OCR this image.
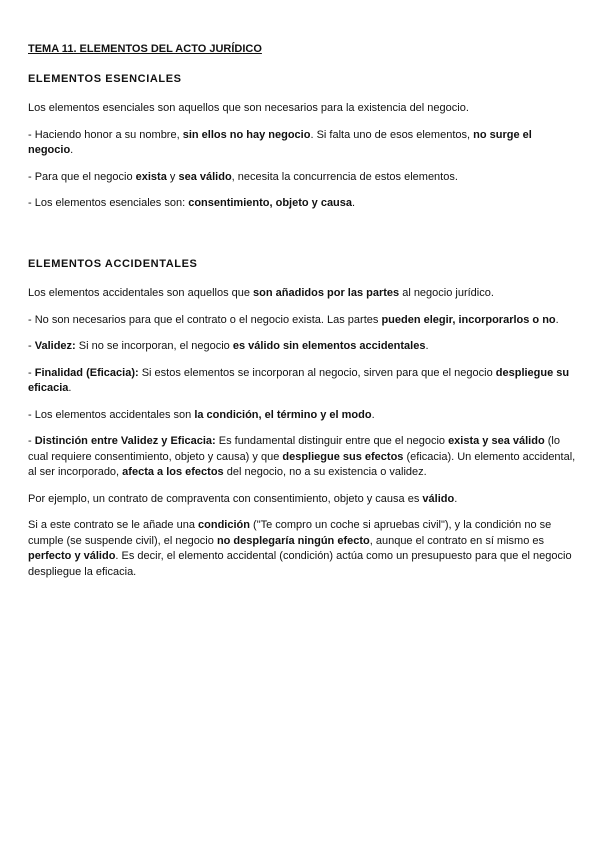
TEMA 11. ELEMENTOS DEL ACTO JURÍDICO
ELEMENTOS ESENCIALES

Los elementos esenciales son aquellos que son necesarios para la existencia del negocio.

- Haciendo honor a su nombre, sin ellos no hay negocio. Si falta uno de esos elementos, no surge el negocio.

- Para que el negocio exista y sea válido, necesita la concurrencia de estos elementos.

- Los elementos esenciales son: consentimiento, objeto y causa.

ELEMENTOS ACCIDENTALES

Los elementos accidentales son aquellos que son añadidos por las partes al negocio jurídico.

- No son necesarios para que el contrato o el negocio exista. Las partes pueden elegir, incorporarlos o no.

- Validez: Si no se incorporan, el negocio es válido sin elementos accidentales.

- Finalidad (Eficacia): Si estos elementos se incorporan al negocio, sirven para que el negocio despliegue su eficacia.

- Los elementos accidentales son la condición, el término y el modo.

- Distinción entre Validez y Eficacia: Es fundamental distinguir entre que el negocio exista y sea válido (lo cual requiere consentimiento, objeto y causa) y que despliegue sus efectos (eficacia). Un elemento accidental, al ser incorporado, afecta a los efectos del negocio, no a su existencia o validez.

Por ejemplo, un contrato de compraventa con consentimiento, objeto y causa es válido.

Si a este contrato se le añade una condición ("Te compro un coche si apruebas civil"), y la condición no se cumple (se suspende civil), el negocio no desplegaría ningún efecto, aunque el contrato en sí mismo es perfecto y válido. Es decir, el elemento accidental (condición) actúa como un presupuesto para que el negocio despliegue la eficacia.
